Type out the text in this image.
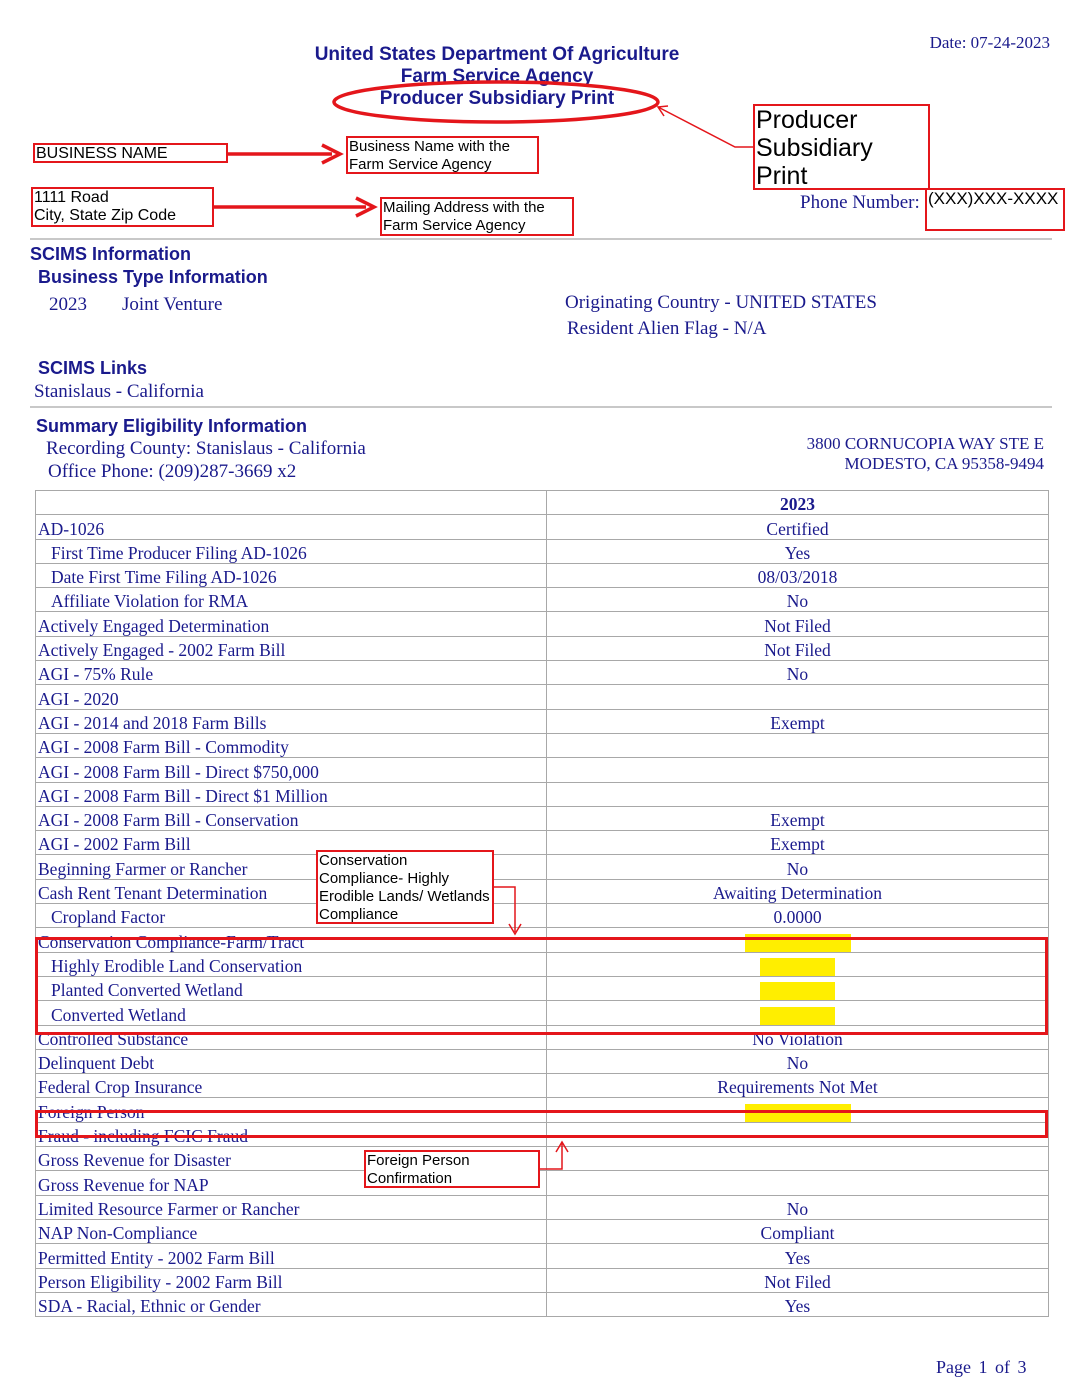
Date: 07-24-2023
United States Department Of Agriculture
Farm Service Agency
Producer Subsidiary Print
BUSINESS NAME	Business Name with the Farm Service Agency
1111 Road
City, State Zip Code	Mailing Address with the Farm Service Agency
Producer Subsidiary Print
Phone Number: (XXX)XXX-XXXX
SCIMS Information
Business Type Information
2023 Joint Venture	Originating Country - UNITED STATES
Resident Alien Flag - N/A
SCIMS Links
Stanislaus - California
Summary Eligibility Information
Recording County: Stanislaus - California
Office Phone: (209)287-3669 x2
3800 CORNUCOPIA WAY STE E
MODESTO, CA 95358-9494
	2023
AD-1026	Certified
First Time Producer Filing AD-1026	Yes
Date First Time Filing AD-1026	08/03/2018
Affiliate Violation for RMA	No
Actively Engaged Determination	Not Filed
Actively Engaged - 2002 Farm Bill	Not Filed
AGI - 75% Rule	No
AGI - 2020	
AGI - 2014 and 2018 Farm Bills	Exempt
AGI - 2008 Farm Bill - Commodity	
AGI - 2008 Farm Bill - Direct $750,000	
AGI - 2008 Farm Bill - Direct $1 Million	
AGI - 2008 Farm Bill - Conservation	Exempt
AGI - 2002 Farm Bill	Exempt
Beginning Farmer or Rancher	No
Cash Rent Tenant Determination	Awaiting Determination
Cropland Factor	0.0000
Conservation Compliance-Farm/Tract	
Highly Erodible Land Conservation	
Planted Converted Wetland	
Converted Wetland	
Controlled Substance	No Violation
Delinquent Debt	No
Federal Crop Insurance	Requirements Not Met
Foreign Person	
Fraud - including FCIC Fraud	
Gross Revenue for Disaster	
Gross Revenue for NAP	
Limited Resource Farmer or Rancher	No
NAP Non-Compliance	Compliant
Permitted Entity - 2002 Farm Bill	Yes
Person Eligibility - 2002 Farm Bill	Not Filed
SDA - Racial, Ethnic or Gender	Yes
Conservation Compliance- Highly Erodible Lands/ Wetlands Compliance
Foreign Person Confirmation
Page 1 of 3
